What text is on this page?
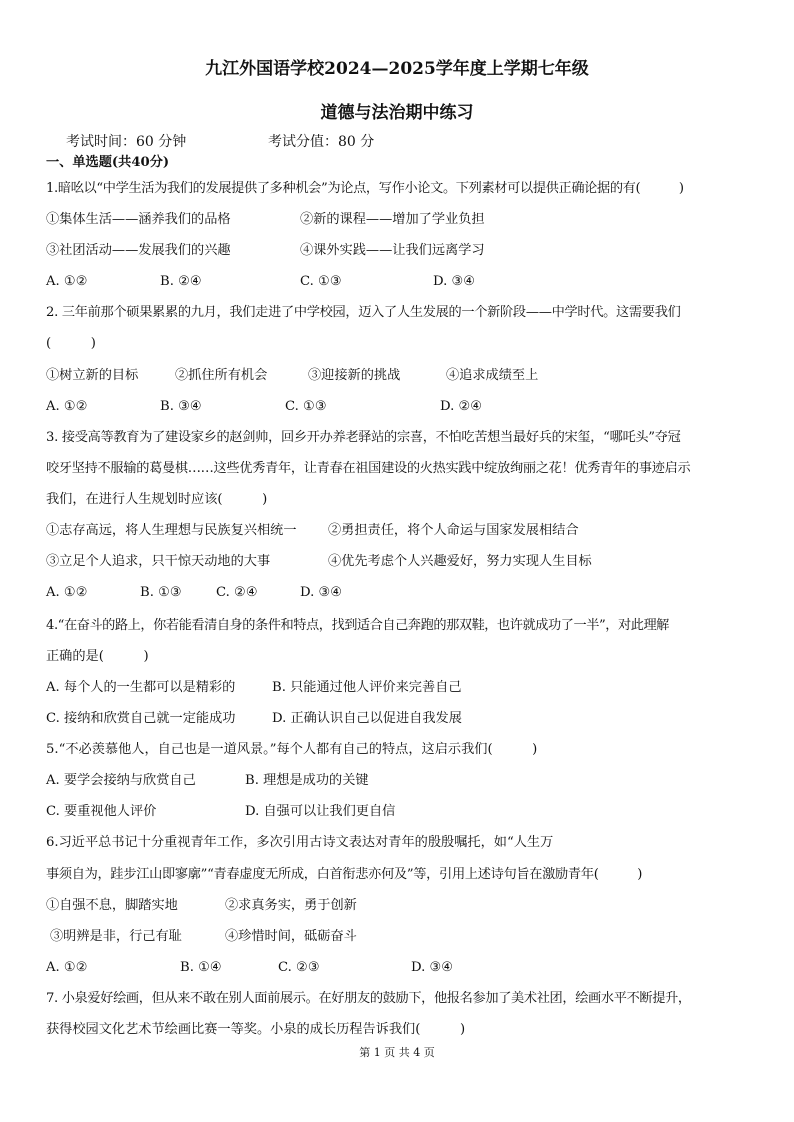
九江外国语学校2024—2025学年度上学期七年级
道德与法治期中练习
考试时间：60 分钟	考试分值：80 分
一、单选题(共40分)
1.暗吆以“中学生活为我们的发展提供了多种机会”为论点，写作小论文。下列素材可以提供正确论据的有(　　　)
①集体生活——涵养我们的品格	②新的课程——增加了学业负担
③社团活动——发展我们的兴趣	④课外实践——让我们远离学习
A. ①②	B. ②④	C. ①③	D. ③④
2. 三年前那个硕果累累的九月，我们走进了中学校园，迈入了人生发展的一个新阶段——中学时代。这需要我们
(　　　)
①树立新的目标	②抓住所有机会	③迎接新的挑战	④追求成绩至上
A. ①②	B. ③④	C. ①③	D. ②④
3. 接受高等教育为了建设家乡的赵剑帅，回乡开办养老驿站的宗喜，不怕吃苦想当最好兵的宋玺，“哪吒头”夺冠
咬牙坚持不服输的葛曼棋……这些优秀青年，让青春在祖国建设的火热实践中绽放绚丽之花！优秀青年的事迹启示
我们，在进行人生规划时应该(　　　)
①志存高远，将人生理想与民族复兴相统一 ②勇担责任，将个人命运与国家发展相结合
③立足个人追求，只干惊天动地的大事	④优先考虑个人兴趣爱好，努力实现人生目标
A. ①②	B. ①③	C. ②④	D. ③④
4.“在奋斗的路上，你若能看清自身的条件和特点，找到适合自己奔跑的那双鞋，也许就成功了一半”，对此理解
正确的是(　　　)
A. 每个人的一生都可以是精彩的	B. 只能通过他人评价来完善自己
C. 接纳和欣赏自己就一定能成功	D. 正确认识自己以促进自我发展
5.“不必羡慕他人，自己也是一道风景。”每个人都有自己的特点，这启示我们(　　　)
A. 要学会接纳与欣赏自己	B. 理想是成功的关键
C. 要重视他人评价	D. 自强可以让我们更自信
6.习近平总书记十分重视青年工作，多次引用古诗文表达对青年的殷殷嘱托，如“人生万
事须自为，跬步江山即寥廓”“青春虚度无所成，白首衔悲亦何及”等，引用上述诗句旨在激励青年(　　　)
①自强不息，脚踏实地	②求真务实，勇于创新
③明辨是非，行己有耻	④珍惜时间，砥砺奋斗
A. ①②	B. ①④	C. ②③	D. ③④
7. 小泉爱好绘画，但从来不敢在别人面前展示。在好朋友的鼓励下，他报名参加了美术社团，绘画水平不断提升，
获得校园文化艺术节绘画比赛一等奖。小泉的成长历程告诉我们(　　　)
第 1 页 共 4 页
